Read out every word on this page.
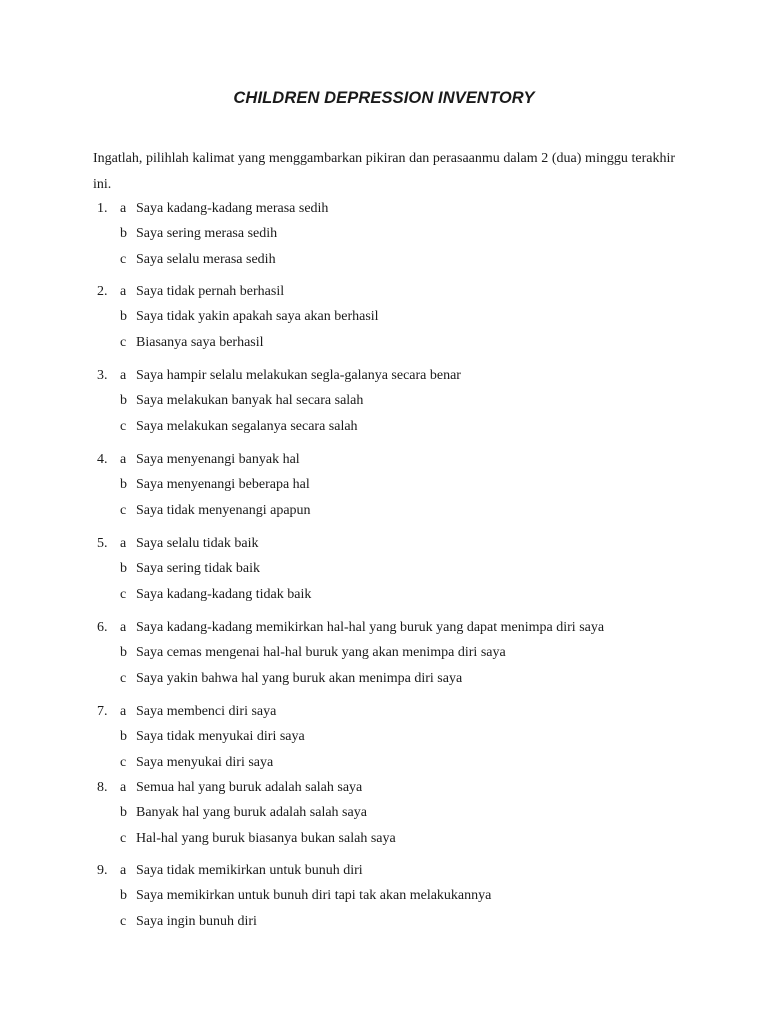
CHILDREN DEPRESSION INVENTORY
Ingatlah, pilihlah kalimat yang menggambarkan pikiran dan perasaanmu dalam 2 (dua) minggu terakhir ini.
1. a Saya kadang-kadang merasa sedih
b Saya sering merasa sedih
c Saya selalu merasa sedih
2. a Saya tidak pernah berhasil
b Saya tidak yakin apakah saya akan berhasil
c Biasanya saya berhasil
3. a Saya hampir selalu melakukan segla-galanya secara benar
b Saya melakukan banyak hal secara salah
c Saya melakukan segalanya secara salah
4. a Saya menyenangi banyak hal
b Saya menyenangi beberapa hal
c Saya tidak menyenangi apapun
5. a Saya selalu tidak baik
b Saya sering tidak baik
c Saya kadang-kadang tidak baik
6. a Saya kadang-kadang memikirkan hal-hal yang buruk yang dapat menimpa diri saya
b Saya cemas mengenai hal-hal buruk yang akan menimpa diri saya
c Saya yakin bahwa hal yang buruk akan menimpa diri saya
7. a Saya membenci diri saya
b Saya tidak menyukai diri saya
c Saya menyukai diri saya
8. a Semua hal yang buruk adalah salah saya
b Banyak hal yang buruk adalah salah saya
c Hal-hal yang buruk biasanya bukan salah saya
9. a Saya tidak memikirkan untuk bunuh diri
b Saya memikirkan untuk bunuh diri tapi tak akan melakukannya
c Saya ingin bunuh diri
